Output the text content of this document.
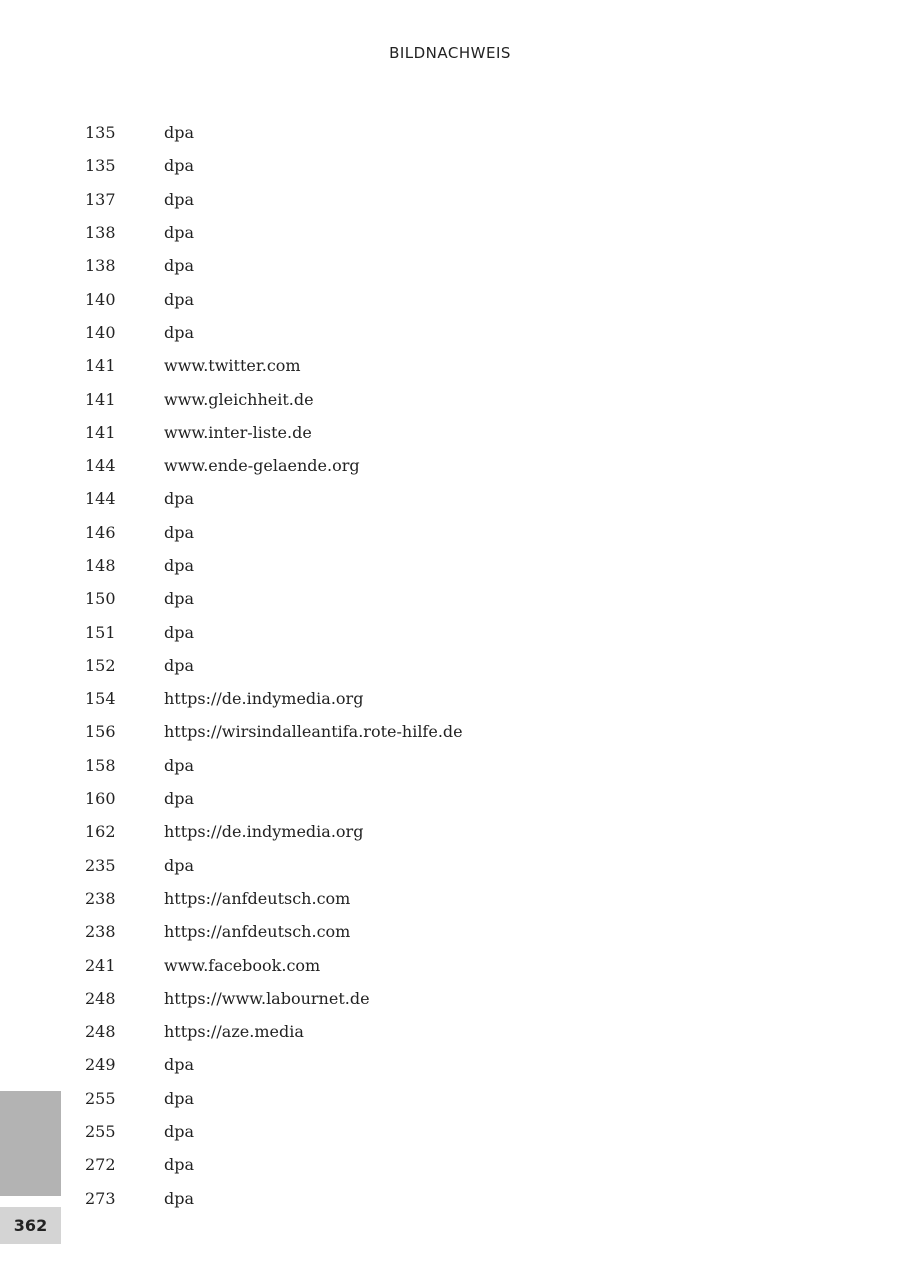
BILDNACHWEIS
135	dpa
135	dpa
137	dpa
138	dpa
138	dpa
140	dpa
140	dpa
141	www.twitter.com
141	www.gleichheit.de
141	www.inter-liste.de
144	www.ende-gelaende.org
144	dpa
146	dpa
148	dpa
150	dpa
151	dpa
152	dpa
154	https://de.indymedia.org
156	https://wirsindalleantifa.rote-hilfe.de
158	dpa
160	dpa
162	https://de.indymedia.org
235	dpa
238	https://anfdeutsch.com
238	https://anfdeutsch.com
241	www.facebook.com
248	https://www.labournet.de
248	https://aze.media
249	dpa
255	dpa
255	dpa
272	dpa
273	dpa
362
